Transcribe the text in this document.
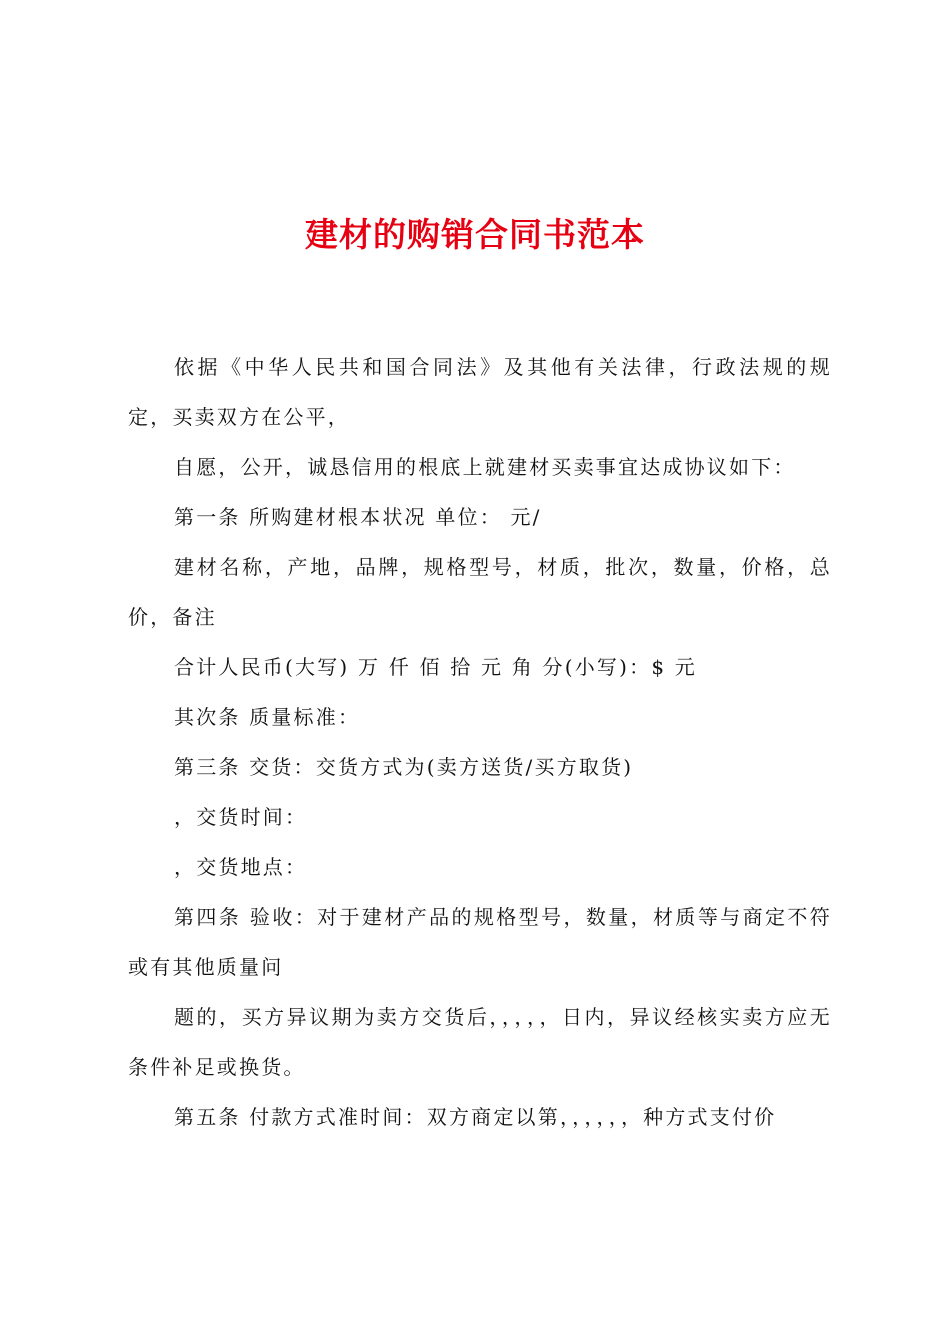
建材的购销合同书范本

依据《中华人民共和国合同法》及其他有关法律，行政法规的规定，买卖双方在公平，

自愿，公开，诚恳信用的根底上就建材买卖事宜达成协议如下：

第一条 所购建材根本状况 单位： 元/

建材名称，产地，品牌，规格型号，材质，批次，数量，价格，总价，备注

合计人民币(大写) 万 仟 佰 拾 元 角 分(小写)：$ 元

其次条 质量标准：

第三条 交货：交货方式为(卖方送货/买方取货)

，交货时间：

，交货地点：

第四条 验收：对于建材产品的规格型号，数量，材质等与商定不符或有其他质量问

题的，买方异议期为卖方交货后，，，，，日内，异议经核实卖方应无条件补足或换货。

第五条 付款方式准时间：双方商定以第，，，，，，种方式支付价
